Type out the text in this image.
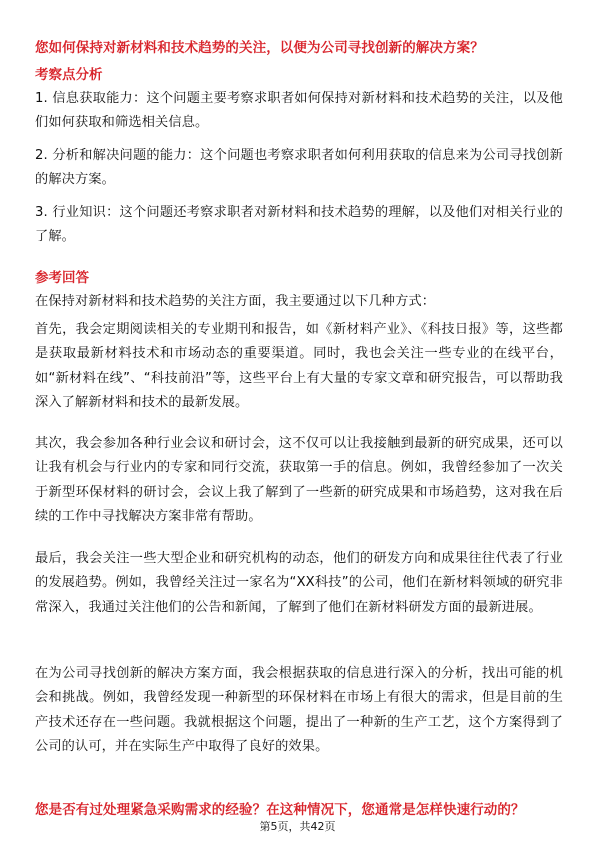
您如何保持对新材料和技术趋势的关注，以便为公司寻找创新的解决方案？
考察点分析
1. 信息获取能力：这个问题主要考察求职者如何保持对新材料和技术趋势的关注，以及他们如何获取和筛选相关信息。
2. 分析和解决问题的能力：这个问题也考察求职者如何利用获取的信息来为公司寻找创新的解决方案。
3. 行业知识：这个问题还考察求职者对新材料和技术趋势的理解，以及他们对相关行业的了解。
参考回答
在保持对新材料和技术趋势的关注方面，我主要通过以下几种方式：
首先，我会定期阅读相关的专业期刊和报告，如《新材料产业》、《科技日报》等，这些都是获取最新材料技术和市场动态的重要渠道。同时，我也会关注一些专业的在线平台，如“新材料在线”、“科技前沿”等，这些平台上有大量的专家文章和研究报告，可以帮助我深入了解新材料和技术的最新发展。
其次，我会参加各种行业会议和研讨会，这不仅可以让我接触到最新的研究成果，还可以让我有机会与行业内的专家和同行交流，获取第一手的信息。例如，我曾经参加了一次关于新型环保材料的研讨会，会议上我了解到了一些新的研究成果和市场趋势，这对我在后续的工作中寻找解决方案非常有帮助。
最后，我会关注一些大型企业和研究机构的动态，他们的研发方向和成果往往代表了行业的发展趋势。例如，我曾经关注过一家名为“XX科技”的公司，他们在新材料领域的研究非常深入，我通过关注他们的公告和新闻，了解到了他们在新材料研发方面的最新进展。
在为公司寻找创新的解决方案方面，我会根据获取的信息进行深入的分析，找出可能的机会和挑战。例如，我曾经发现一种新型的环保材料在市场上有很大的需求，但是目前的生产技术还存在一些问题。我就根据这个问题，提出了一种新的生产工艺，这个方案得到了公司的认可，并在实际生产中取得了良好的效果。
您是否有过处理紧急采购需求的经验？在这种情况下，您通常是怎样快速行动的？
第5页，共42页
